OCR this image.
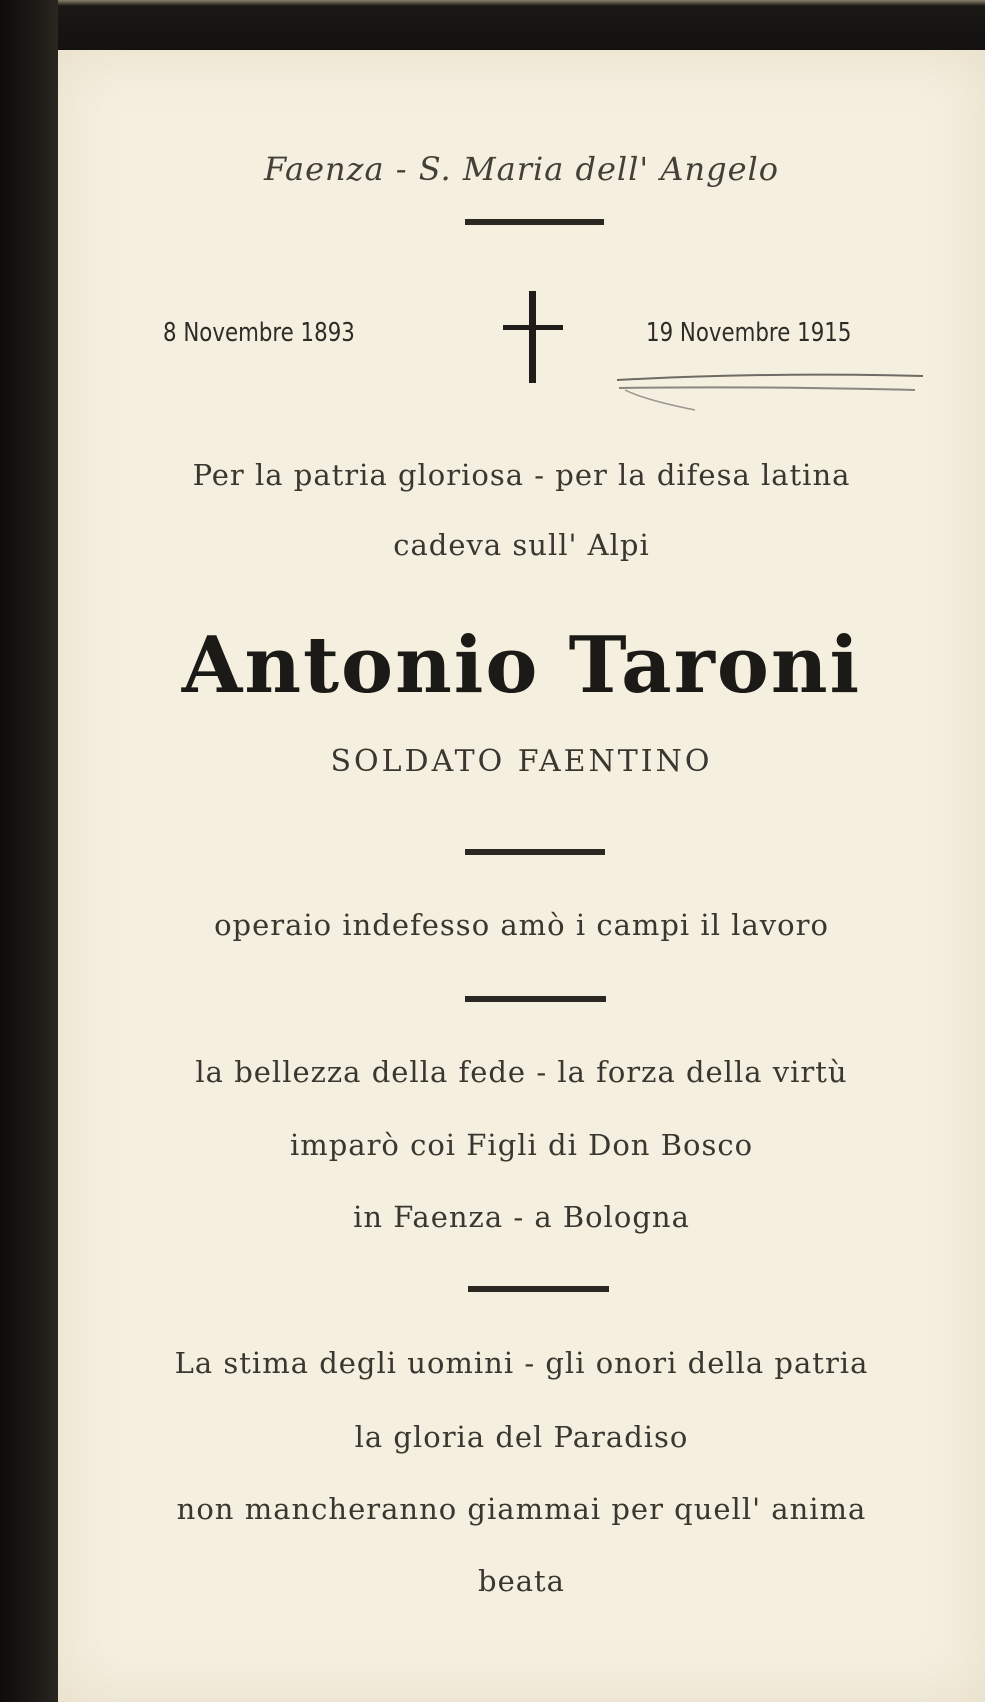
Faenza - S. Maria dell' Angelo
8 Novembre 1893	19 Novembre 1915
Per la patria gloriosa - per la difesa latina
cadeva sull' Alpi
Antonio Taroni
SOLDATO FAENTINO
operaio indefesso amò i campi il lavoro
la bellezza della fede - la forza della virtù
imparò coi Figli di Don Bosco
in Faenza - a Bologna
La stima degli uomini - gli onori della patria
la gloria del Paradiso
non mancheranno giammai per quell' anima
beata
